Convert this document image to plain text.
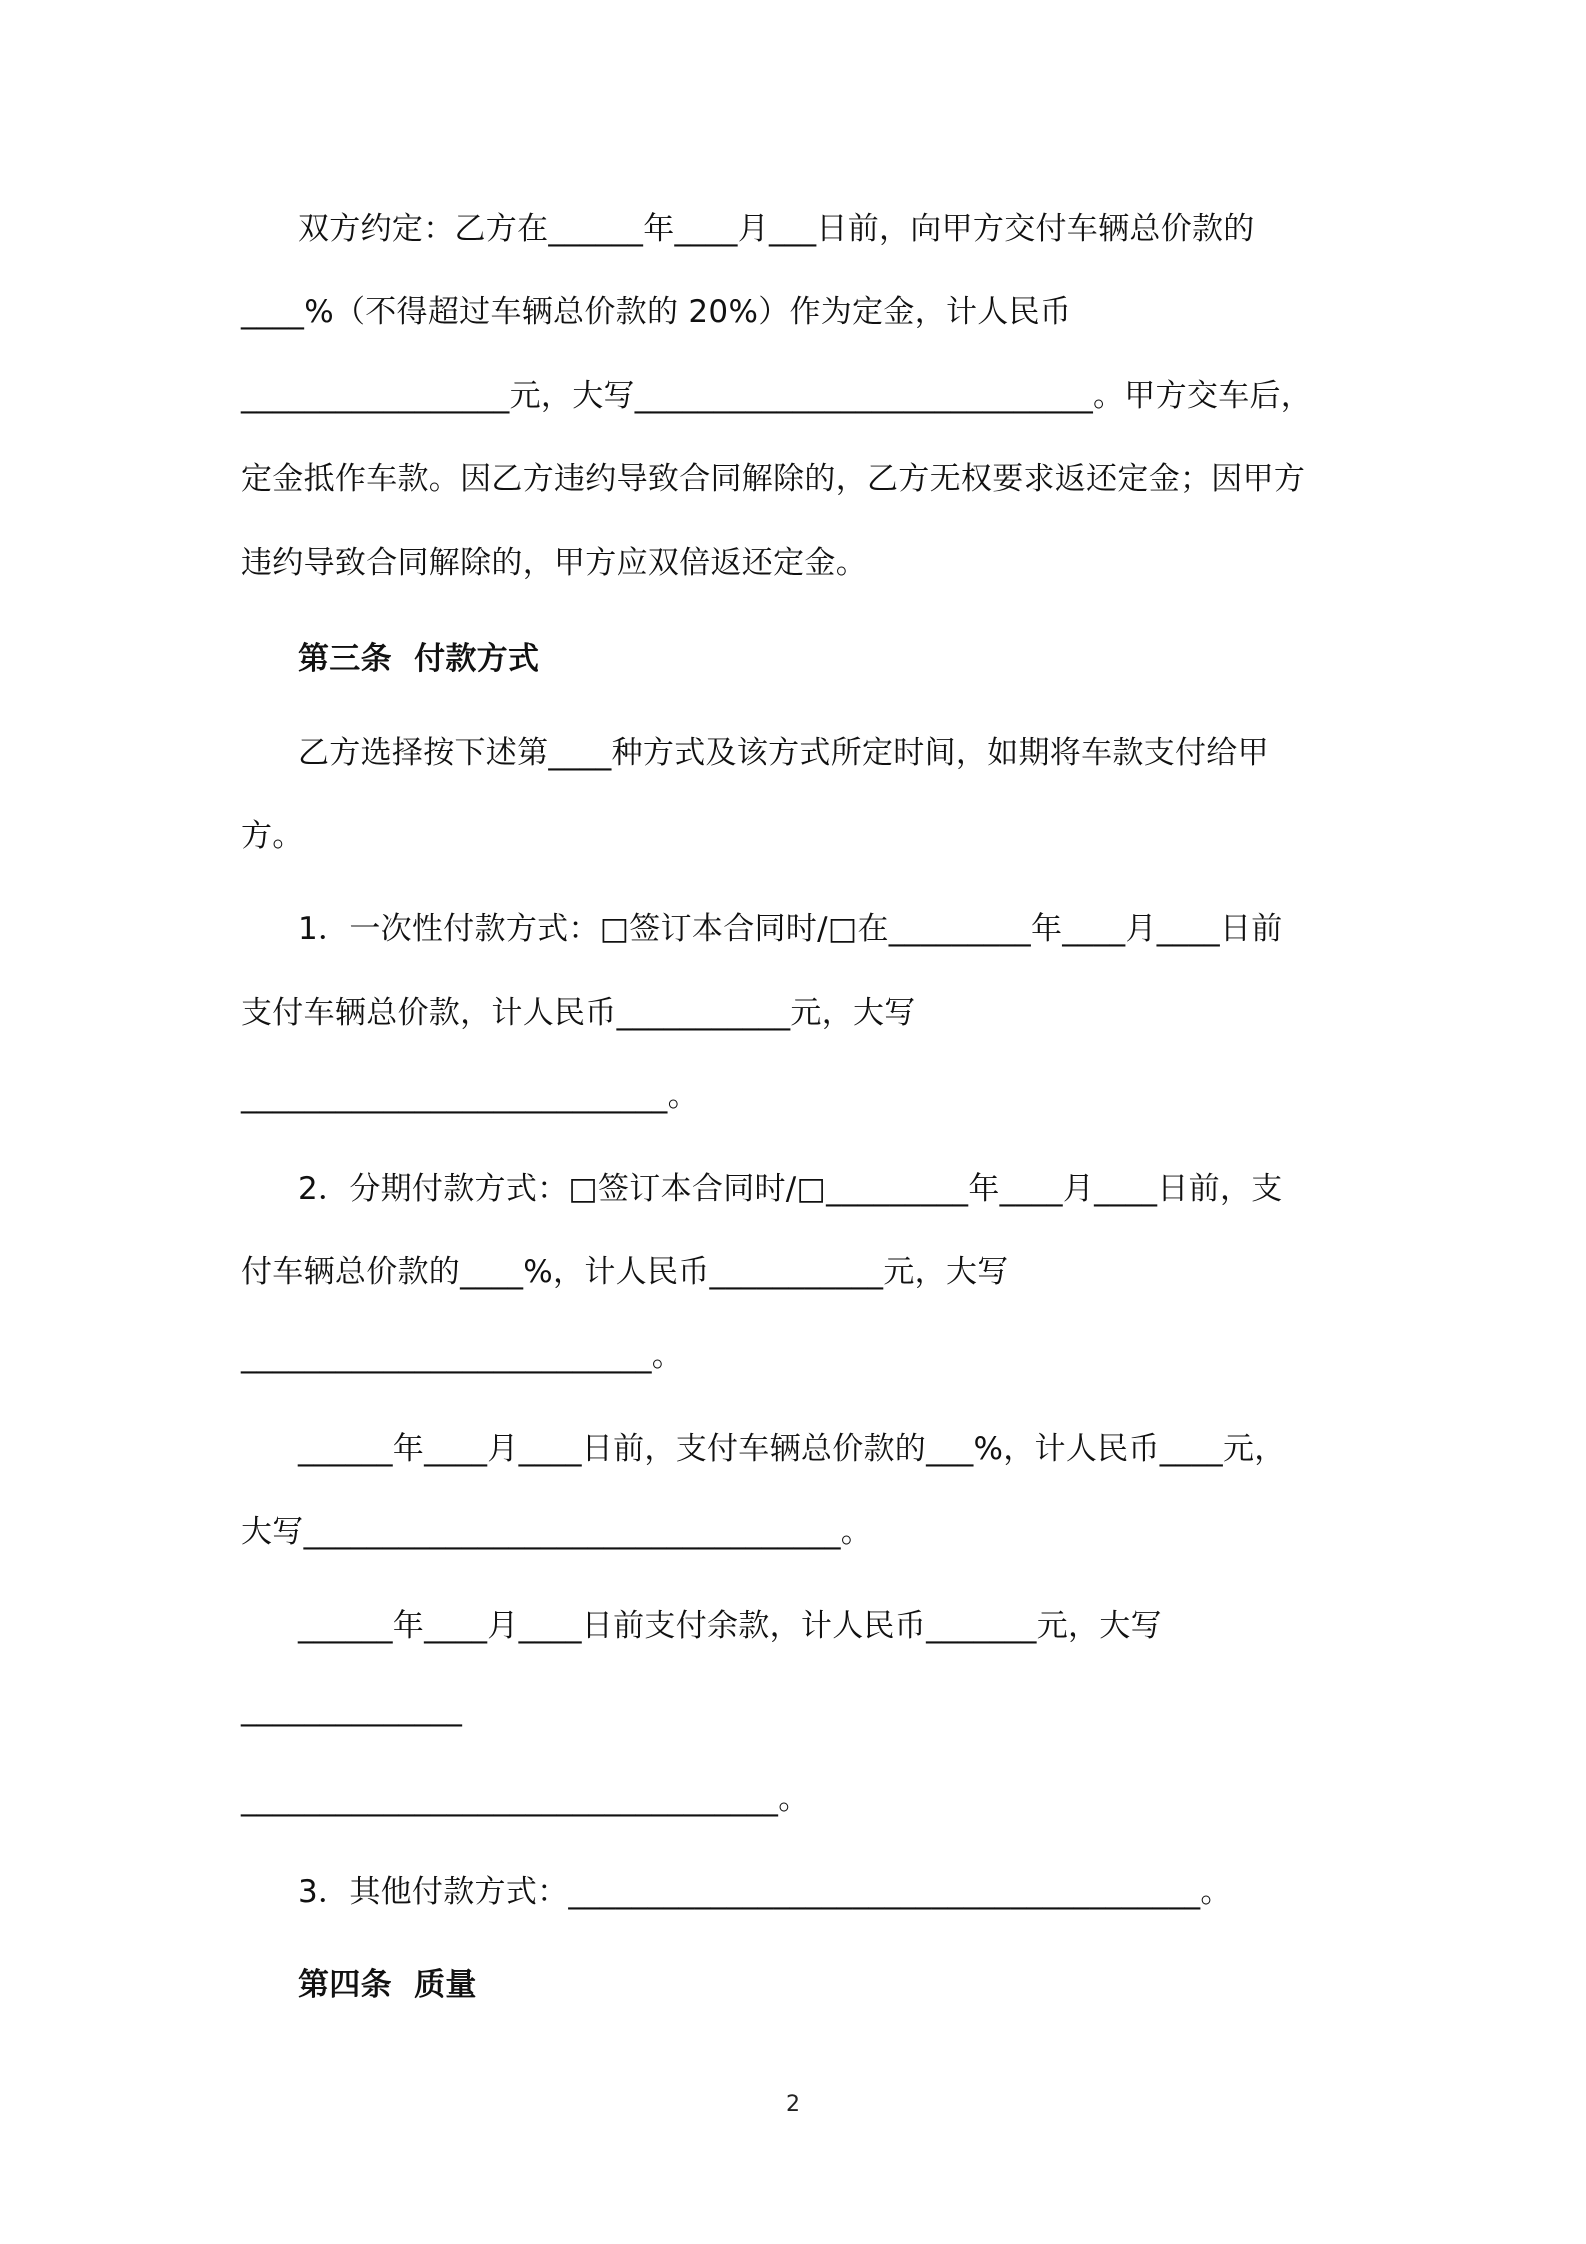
双方约定：乙方在______年____月___日前，向甲方交付车辆总价款的
____%（不得超过车辆总价款的 20%）作为定金，计人民币
_________________元，大写_____________________________。甲方交车后，
定金抵作车款。因乙方违约导致合同解除的，乙方无权要求返还定金；因甲方
违约导致合同解除的，甲方应双倍返还定金。
第三条  付款方式
乙方选择按下述第____种方式及该方式所定时间，如期将车款支付给甲
方。
1．一次性付款方式：□签订本合同时/□在_________年____月____日前
支付车辆总价款，计人民币___________元，大写
___________________________。
2．分期付款方式：□签订本合同时/□_________年____月____日前，支
付车辆总价款的____%，计人民币___________元，大写
__________________________。
______年____月____日前，支付车辆总价款的___%，计人民币____元，
大写__________________________________。
______年____月____日前支付余款，计人民币_______元，大写
______________
__________________________________。
3．其他付款方式：________________________________________。
第四条  质量
2
